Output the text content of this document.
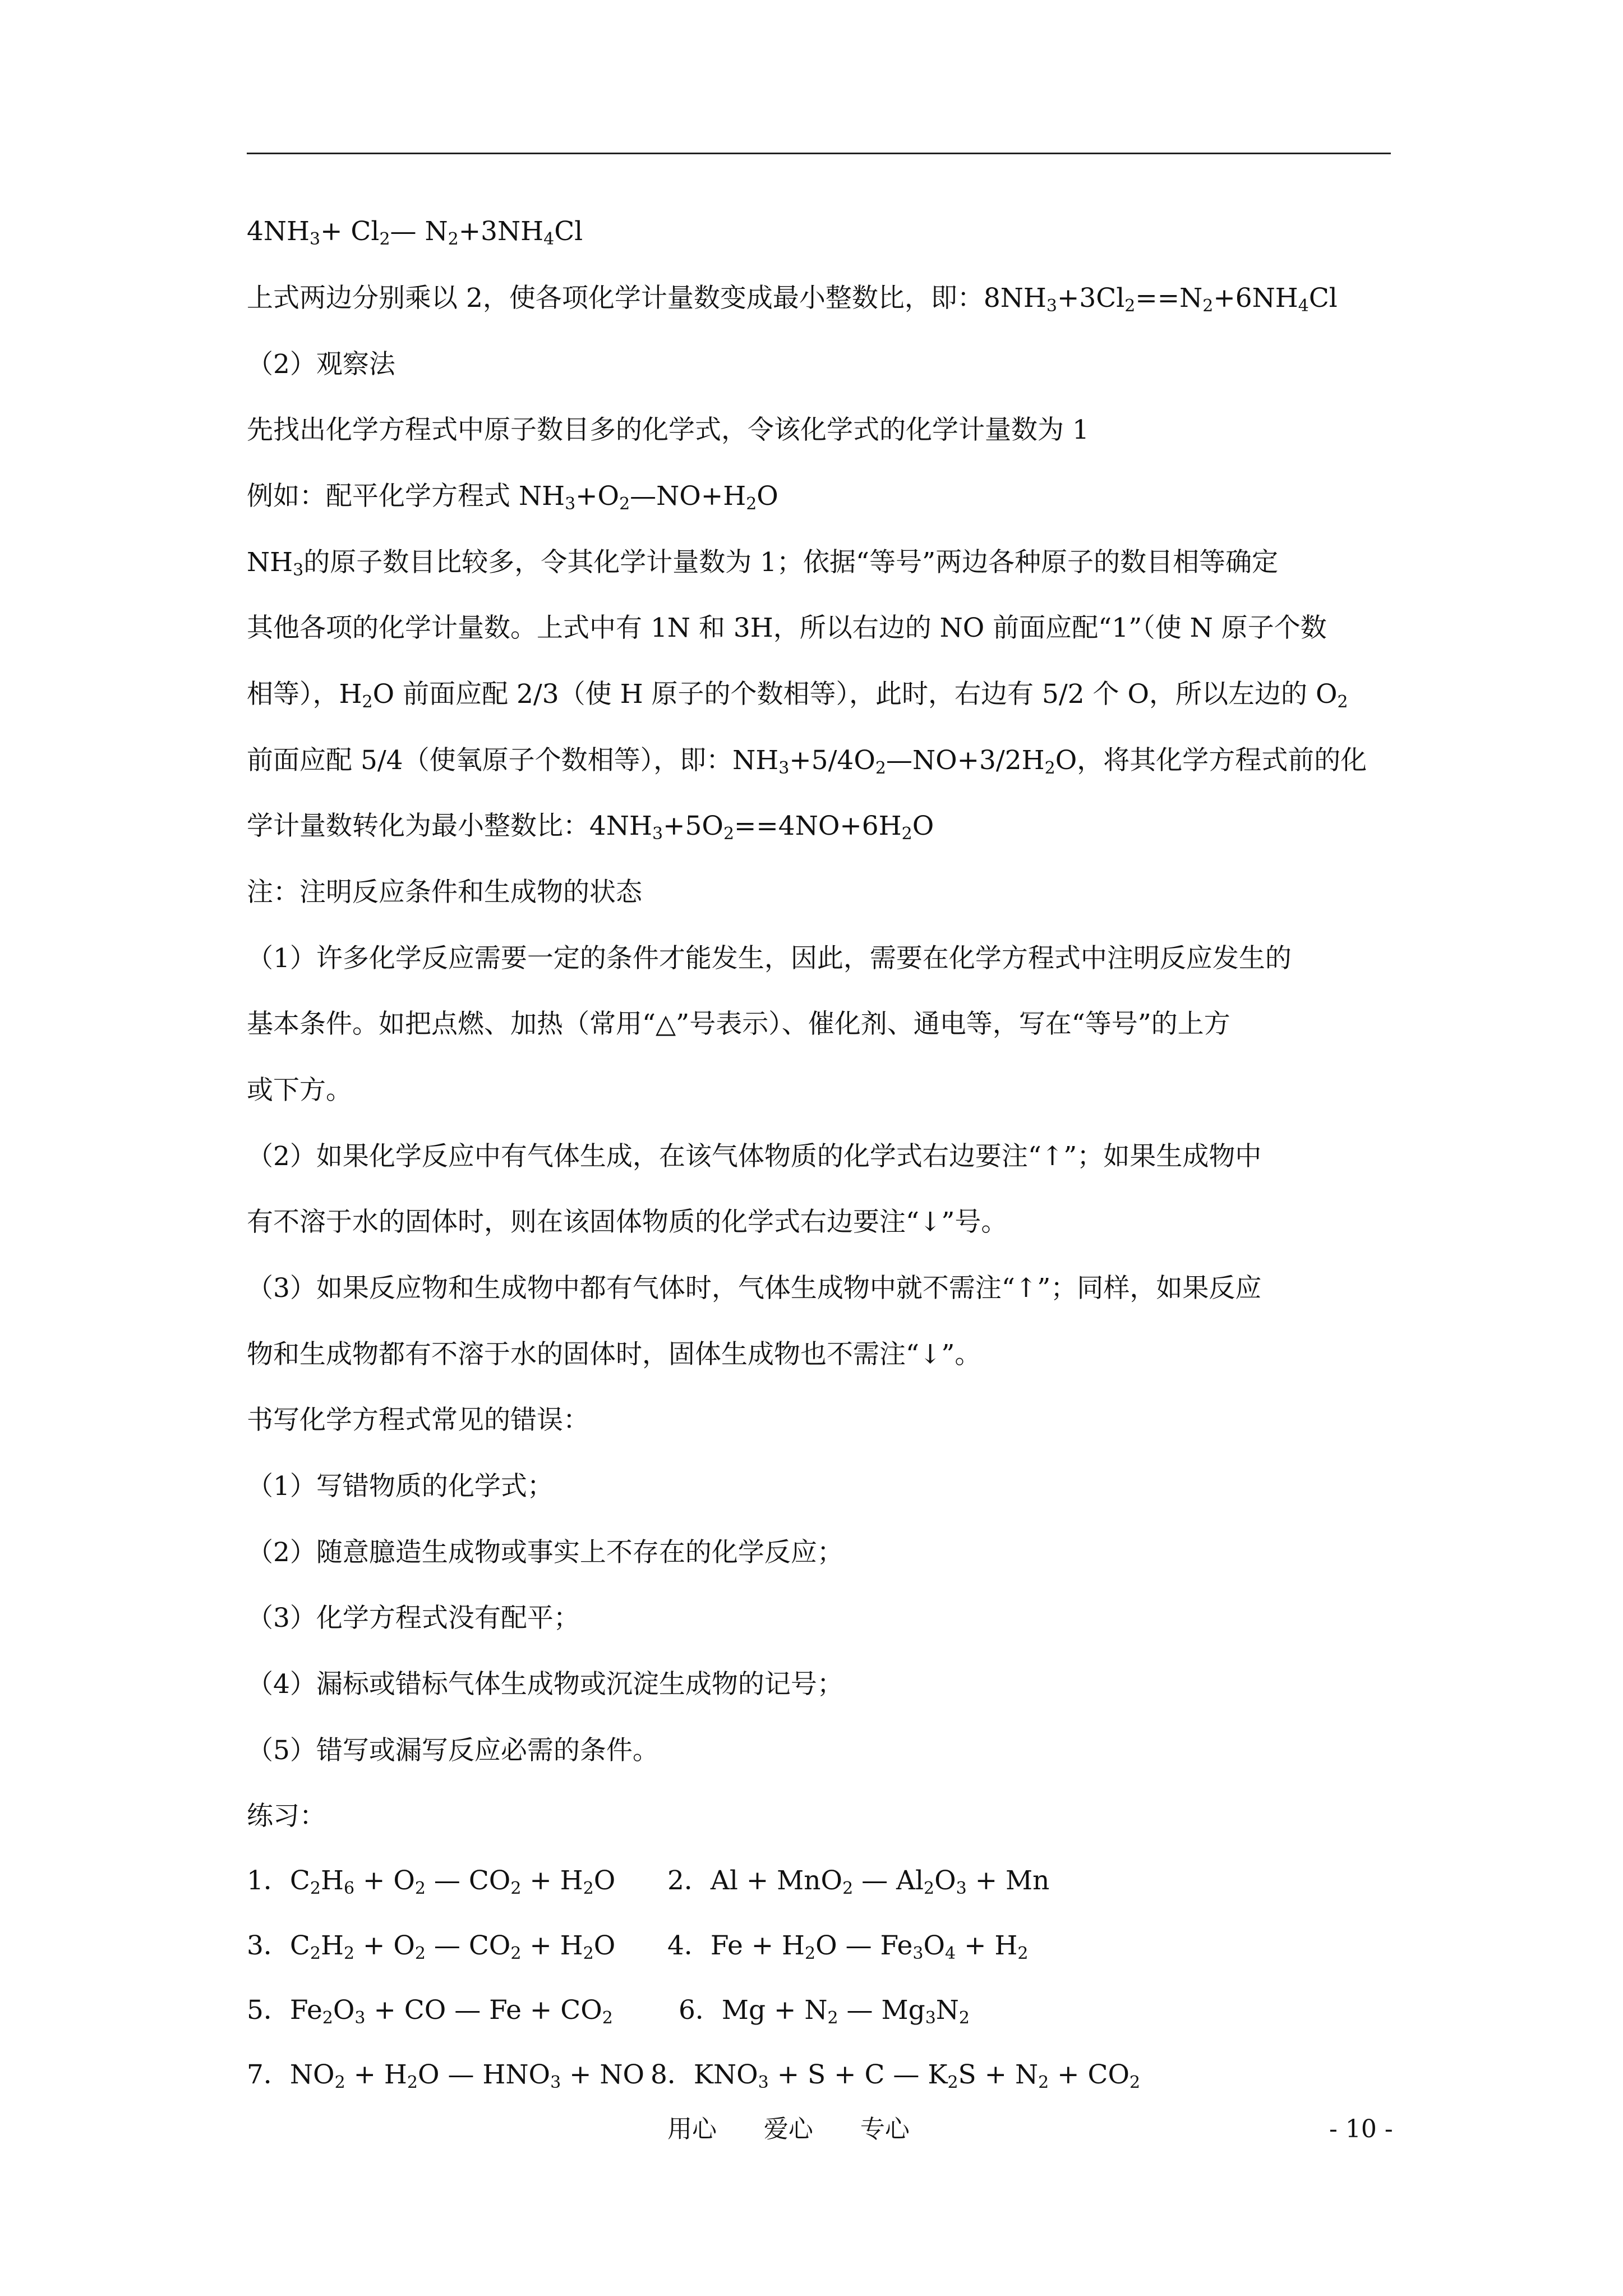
$4NH_3+$ $Cl_2—$ $N_2+3NH_4Cl$
上式两边分别乘以 2，使各项化学计量数变成最小整数比，即：$8NH_3+3Cl_2==N_2+6NH_4Cl$
（2）观察法
先找出化学方程式中原子数目多的化学式，令该化学式的化学计量数为 1
例如：配平化学方程式 $NH_3+O_2—NO+H_2O$
$NH_3$的原子数目比较多，令其化学计量数为 1；依据“等号”两边各种原子的数目相等确定
其他各项的化学计量数。上式中有 1N 和 3H，所以右边的 NO 前面应配“1”（使 N 原子个数
相等），$H_2O$ 前面应配 2/3（使 H 原子的个数相等），此时，右边有 5/2 个 O，所以左边的 $O_2$
前面应配 5/4（使氧原子个数相等），即：$NH_3+5/4O_2—NO+3/2H_2O$，将其化学方程式前的化
学计量数转化为最小整数比：$4NH_3+5O_2==4NO+6H_2O$
注：注明反应条件和生成物的状态
（1）许多化学反应需要一定的条件才能发生，因此，需要在化学方程式中注明反应发生的
基本条件。如把点燃、加热（常用“△”号表示）、催化剂、通电等，写在“等号”的上方
或下方。
（2）如果化学反应中有气体生成，在该气体物质的化学式右边要注“↑”；如果生成物中
有不溶于水的固体时，则在该固体物质的化学式右边要注“↓”号。
（3）如果反应物和生成物中都有气体时，气体生成物中就不需注“↑”；同样，如果反应
物和生成物都有不溶于水的固体时，固体生成物也不需注“↓”。
书写化学方程式常见的错误：
（1）写错物质的化学式；
（2）随意臆造生成物或事实上不存在的化学反应；
（3）化学方程式没有配平；
（4）漏标或错标气体生成物或沉淀生成物的记号；
（5）错写或漏写反应必需的条件。
练习：
1．$C_2H_6 + O_2$ — $CO_2 + H_2O$ 2．Al + MnO$_2$ — $Al_2O_3 + Mn$
3．$C_2H_2 + O_2$ — $CO_2 + H_2O$ 4．$Fe + H_2O$ — $Fe_3O_4 + H_2$
5．$Fe_2O_3$ + CO — $Fe + CO_2$ 6．$Mg + N_2$ — $Mg_3N_2$
7．$NO_2 + H_2O$ — $HNO_3$ + NO 8．$KNO_3 + S + C$ — $K_2S + N_2 + CO_2$
用心      爱心      专心	- 10 -
